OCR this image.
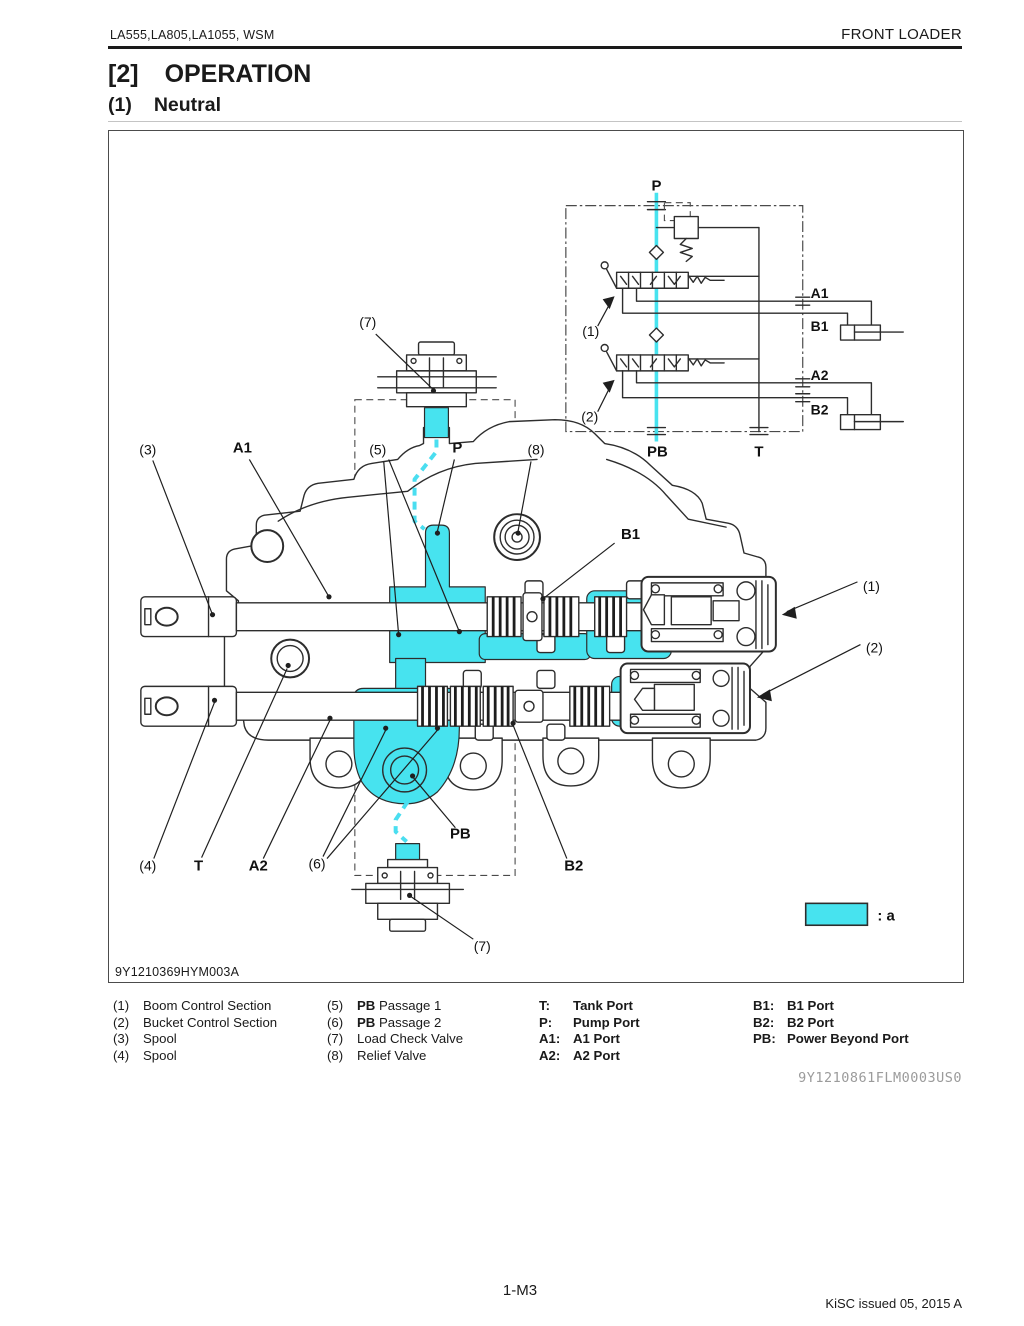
LA555,LA805,LA1055, WSM	FRONT LOADER
[2] OPERATION
(1) Neutral
P
PB	T
A1
B1
A2
B2
(1)
(2)
(3)	A1	(5)	P	(8)
B1
(1)
(2)
(4)	T	A2	(6)
PB
B2
(7)
(7)
: a
9Y1210369HYM003A
(1)	Boom Control Section
(2)	Bucket Control Section
(3)	Spool
(4)	Spool
(5)	PB Passage 1
(6)	PB Passage 2
(7)	Load Check Valve
(8)	Relief Valve
T:	Tank Port
P:	Pump Port
A1: A1 Port
A2: A2 Port
B1: B1 Port
B2: B2 Port
PB: Power Beyond Port
9Y1210861FLM0003US0
1-M3
KiSC issued 05, 2015 A
